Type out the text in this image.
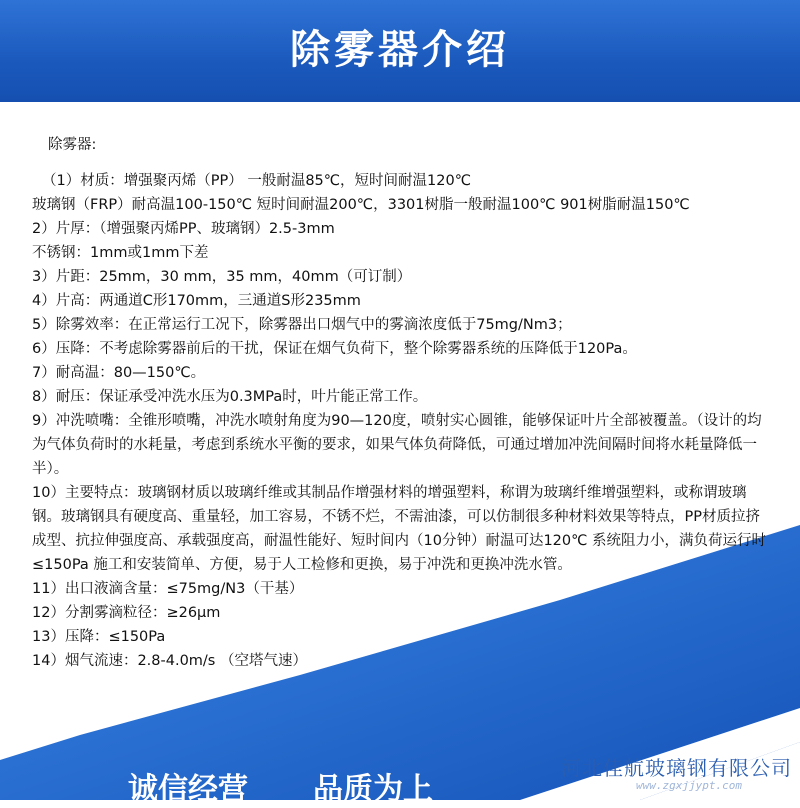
除雾器介绍
除雾器:
（1）材质：增强聚丙烯（PP） 一般耐温85℃，短时间耐温120℃
玻璃钢（FRP）耐高温100-150℃ 短时间耐温200℃，3301树脂一般耐温100℃ 901树脂耐温150℃
2）片厚：（增强聚丙烯PP、玻璃钢）2.5-3mm
不锈钢：1mm或1mm下差
3）片距：25mm，30 mm，35 mm，40mm（可订制）
4）片高：两通道C形170mm，三通道S形235mm
5）除雾效率：在正常运行工况下，除雾器出口烟气中的雾滴浓度低于75mg/Nm3；
6）压降：不考虑除雾器前后的干扰，保证在烟气负荷下，整个除雾器系统的压降低于120Pa。
7）耐高温：80—150℃。
8）耐压：保证承受冲洗水压为0.3MPa时，叶片能正常工作。
9）冲洗喷嘴：全锥形喷嘴，冲洗水喷射角度为90—120度，喷射实心圆锥，能够保证叶片全部被覆盖。（设计的均为气体负荷时的水耗量，考虑到系统水平衡的要求，如果气体负荷降低，可通过增加冲洗间隔时间将水耗量降低一半）。
10）主要特点：玻璃钢材质以玻璃纤维或其制品作增强材料的增强塑料，称谓为玻璃纤维增强塑料，或称谓玻璃钢。玻璃钢具有硬度高、重量轻，加工容易，不锈不烂，不需油漆，可以仿制很多种材料效果等特点，PP材质拉挤成型、抗拉伸强度高、承载强度高，耐温性能好、短时间内（10分钟）耐温可达120℃ 系统阻力小，满负荷运行时≤150Pa 施工和安装简单、方便，易于人工检修和更换，易于冲洗和更换冲洗水管。
11）出口液滴含量：≤75mg/N3（干基）
12）分割雾滴粒径：≥26μm
13）压降：≤150Pa
14）烟气流速：2.8-4.0m/s （空塔气速）
河北佳航玻璃钢有限公司
www.zgxjjypt.com
诚信经营 品质为上
